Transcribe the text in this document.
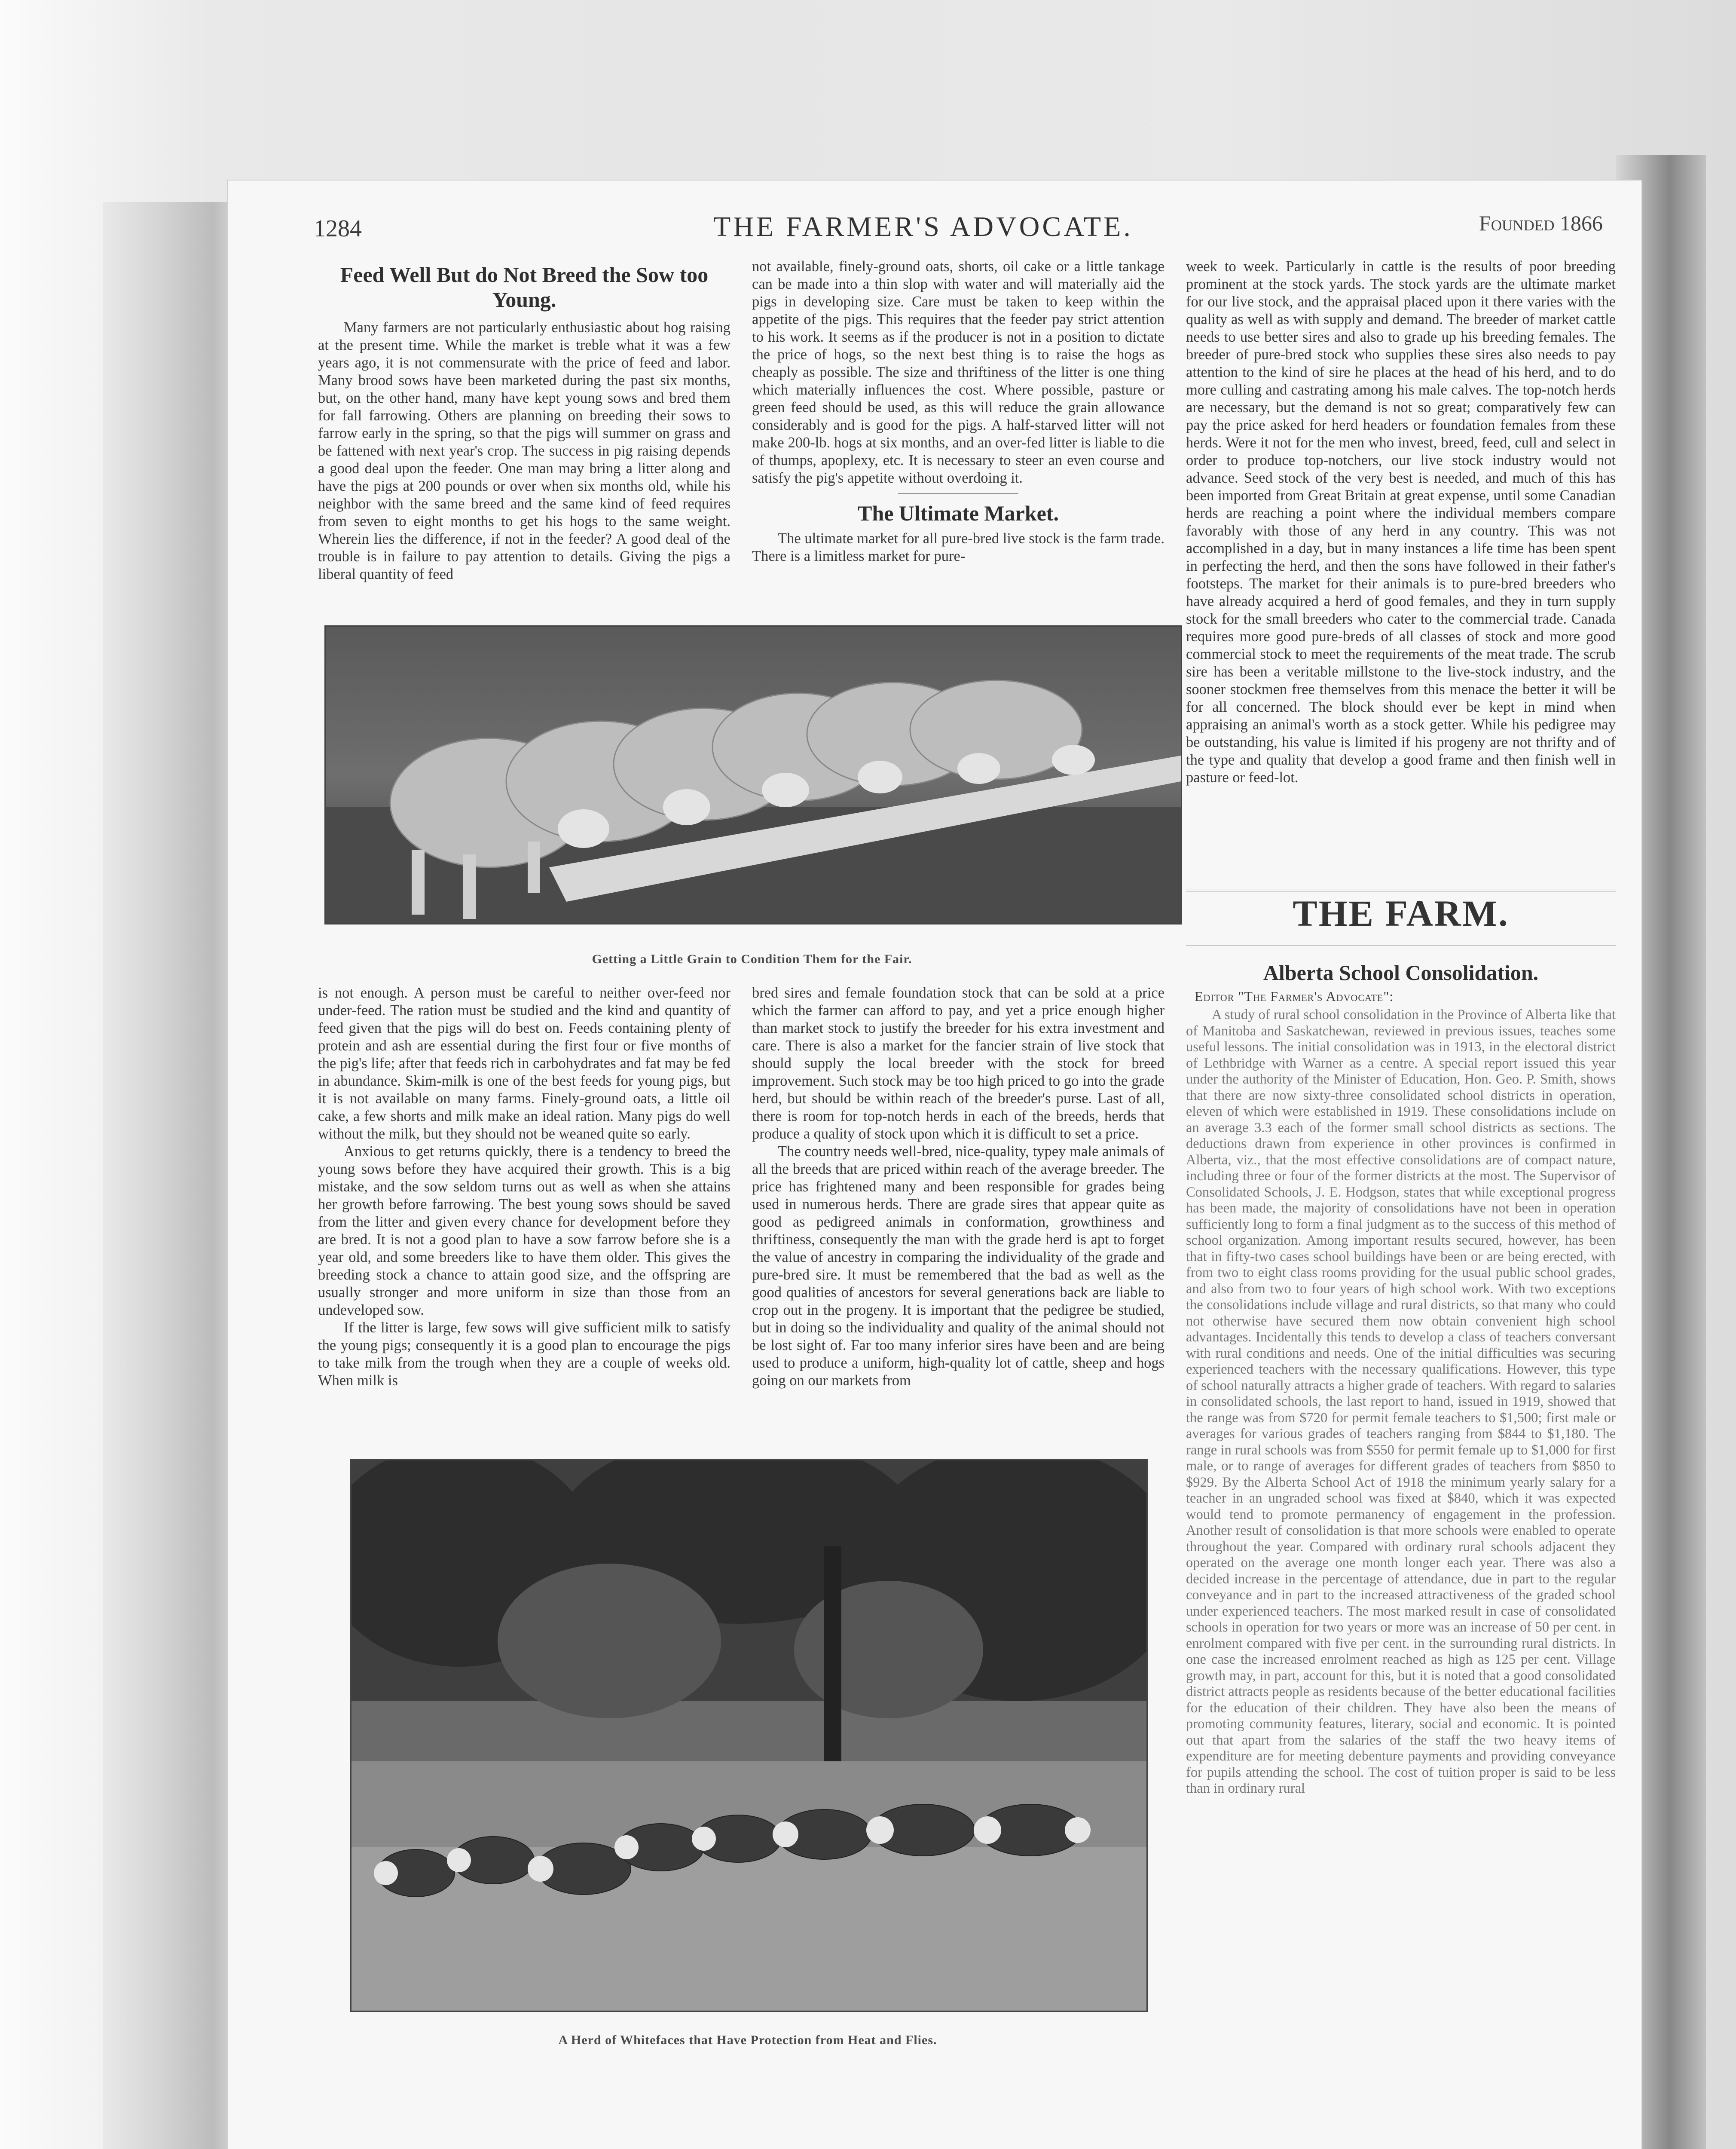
1284	THE FARMER'S ADVOCATE.	Founded 1866
Feed Well But do Not Breed the Sow too Young.

Many farmers are not particularly enthusiastic about hog raising at the present time. While the market is treble what it was a few years ago, it is not commensurate with the price of feed and labor. Many brood sows have been marketed during the past six months, but, on the other hand, many have kept young sows and bred them for fall farrowing. Others are planning on breeding their sows to farrow early in the spring, so that the pigs will summer on grass and be fattened with next year's crop. The success in pig raising depends a good deal upon the feeder. One man may bring a litter along and have the pigs at 200 pounds or over when six months old, while his neighbor with the same breed and the same kind of feed requires from seven to eight months to get his hogs to the same weight. Wherein lies the difference, if not in the feeder? A good deal of the trouble is in failure to pay attention to details. Giving the pigs a liberal quantity of feed

not available, finely-ground oats, shorts, oil cake or a little tankage can be made into a thin slop with water and will materially aid the pigs in developing size. Care must be taken to keep within the appetite of the pigs. This requires that the feeder pay strict attention to his work. It seems as if the producer is not in a position to dictate the price of hogs, so the next best thing is to raise the hogs as cheaply as possible. The size and thriftiness of the litter is one thing which materially influences the cost. Where possible, pasture or green feed should be used, as this will reduce the grain allowance considerably and is good for the pigs. A half-starved litter will not make 200-lb. hogs at six months, and an over-fed litter is liable to die of thumps, apoplexy, etc. It is necessary to steer an even course and satisfy the pig's appetite without overdoing it.

The Ultimate Market.

The ultimate market for all pure-bred live stock is the farm trade. There is a limitless market for pure-

Getting a Little Grain to Condition Them for the Fair.

is not enough. A person must be careful to neither over-feed nor under-feed. The ration must be studied and the kind and quantity of feed given that the pigs will do best on. Feeds containing plenty of protein and ash are essential during the first four or five months of the pig's life; after that feeds rich in carbohydrates and fat may be fed in abundance. Skim-milk is one of the best feeds for young pigs, but it is not available on many farms. Finely-ground oats, a little oil cake, a few shorts and milk make an ideal ration. Many pigs do well without the milk, but they should not be weaned quite so early.

Anxious to get returns quickly, there is a tendency to breed the young sows before they have acquired their growth. This is a big mistake, and the sow seldom turns out as well as when she attains her growth before farrowing. The best young sows should be saved from the litter and given every chance for development before they are bred. It is not a good plan to have a sow farrow before she is a year old, and some breeders like to have them older. This gives the breeding stock a chance to attain good size, and the offspring are usually stronger and more uniform in size than those from an undeveloped sow.

If the litter is large, few sows will give sufficient milk to satisfy the young pigs; consequently it is a good plan to encourage the pigs to take milk from the trough when they are a couple of weeks old. When milk is

bred sires and female foundation stock that can be sold at a price which the farmer can afford to pay, and yet a price enough higher than market stock to justify the breeder for his extra investment and care. There is also a market for the fancier strain of live stock that should supply the local breeder with the stock for breed improvement. Such stock may be too high priced to go into the grade herd, but should be within reach of the breeder's purse. Last of all, there is room for top-notch herds in each of the breeds, herds that produce a quality of stock upon which it is difficult to set a price.

The country needs well-bred, nice-quality, typey male animals of all the breeds that are priced within reach of the average breeder. The price has frightened many and been responsible for grades being used in numerous herds. There are grade sires that appear quite as good as pedigreed animals in conformation, growthiness and thriftiness, consequently the man with the grade herd is apt to forget the value of ancestry in comparing the individuality of the grade and pure-bred sire. It must be remembered that the bad as well as the good qualities of ancestors for several generations back are liable to crop out in the progeny. It is important that the pedigree be studied, but in doing so the individuality and quality of the animal should not be lost sight of. Far too many inferior sires have been and are being used to produce a uniform, high-quality lot of cattle, sheep and hogs going on our markets from

A Herd of Whitefaces that Have Protection from Heat and Flies.

week to week. Particularly in cattle is the results of poor breeding prominent at the stock yards. The stock yards are the ultimate market for our live stock, and the appraisal placed upon it there varies with the quality as well as with supply and demand. The breeder of market cattle needs to use better sires and also to grade up his breeding females. The breeder of pure-bred stock who supplies these sires also needs to pay attention to the kind of sire he places at the head of his herd, and to do more culling and castrating among his male calves. The top-notch herds are necessary, but the demand is not so great; comparatively few can pay the price asked for herd headers or foundation females from these herds. Were it not for the men who invest, breed, feed, cull and select in order to produce top-notchers, our live stock industry would not advance. Seed stock of the very best is needed, and much of this has been imported from Great Britain at great expense, until some Canadian herds are reaching a point where the individual members compare favorably with those of any herd in any country. This was not accomplished in a day, but in many instances a life time has been spent in perfecting the herd, and then the sons have followed in their father's footsteps. The market for their animals is to pure-bred breeders who have already acquired a herd of good females, and they in turn supply stock for the small breeders who cater to the commercial trade. Canada requires more good pure-breds of all classes of stock and more good commercial stock to meet the requirements of the meat trade. The scrub sire has been a veritable millstone to the live-stock industry, and the sooner stockmen free themselves from this menace the better it will be for all concerned. The block should ever be kept in mind when appraising an animal's worth as a stock getter. While his pedigree may be outstanding, his value is limited if his progeny are not thrifty and of the type and quality that develop a good frame and then finish well in pasture or feed-lot.

THE FARM.
Alberta School Consolidation.
Editor "The Farmer's Advocate":

A study of rural school consolidation in the Province of Alberta like that of Manitoba and Saskatchewan, reviewed in previous issues, teaches some useful lessons. The initial consolidation was in 1913, in the electoral district of Lethbridge with Warner as a centre. A special report issued this year under the authority of the Minister of Education, Hon. Geo. P. Smith, shows that there are now sixty-three consolidated school districts in operation, eleven of which were established in 1919. These consolidations include on an average 3.3 each of the former small school districts as sections. The deductions drawn from experience in other provinces is confirmed in Alberta, viz., that the most effective consolidations are of compact nature, including three or four of the former districts at the most. The Supervisor of Consolidated Schools, J. E. Hodgson, states that while exceptional progress has been made, the majority of consolidations have not been in operation sufficiently long to form a final judgment as to the success of this method of school organization. Among important results secured, however, has been that in fifty-two cases school buildings have been or are being erected, with from two to eight class rooms providing for the usual public school grades, and also from two to four years of high school work. With two exceptions the consolidations include village and rural districts, so that many who could not otherwise have secured them now obtain convenient high school advantages. Incidentally this tends to develop a class of teachers conversant with rural conditions and needs. One of the initial difficulties was securing experienced teachers with the necessary qualifications. However, this type of school naturally attracts a higher grade of teachers. With regard to salaries in consolidated schools, the last report to hand, issued in 1919, showed that the range was from $720 for permit female teachers to $1,500; first male or averages for various grades of teachers ranging from $844 to $1,180. The range in rural schools was from $550 for permit female up to $1,000 for first male, or to range of averages for different grades of teachers from $850 to $929. By the Alberta School Act of 1918 the minimum yearly salary for a teacher in an ungraded school was fixed at $840, which it was expected would tend to promote permanency of engagement in the profession. Another result of consolidation is that more schools were enabled to operate throughout the year. Compared with ordinary rural schools adjacent they operated on the average one month longer each year. There was also a decided increase in the percentage of attendance, due in part to the regular conveyance and in part to the increased attractiveness of the graded school under experienced teachers. The most marked result in case of consolidated schools in operation for two years or more was an increase of 50 per cent. in enrolment compared with five per cent. in the surrounding rural districts. In one case the increased enrolment reached as high as 125 per cent. Village growth may, in part, account for this, but it is noted that a good consolidated district attracts people as residents because of the better educational facilities for the education of their children. They have also been the means of promoting community features, literary, social and economic. It is pointed out that apart from the salaries of the staff the two heavy items of expenditure are for meeting debenture payments and providing conveyance for pupils attending the school. The cost of tuition proper is said to be less than in ordinary rural
